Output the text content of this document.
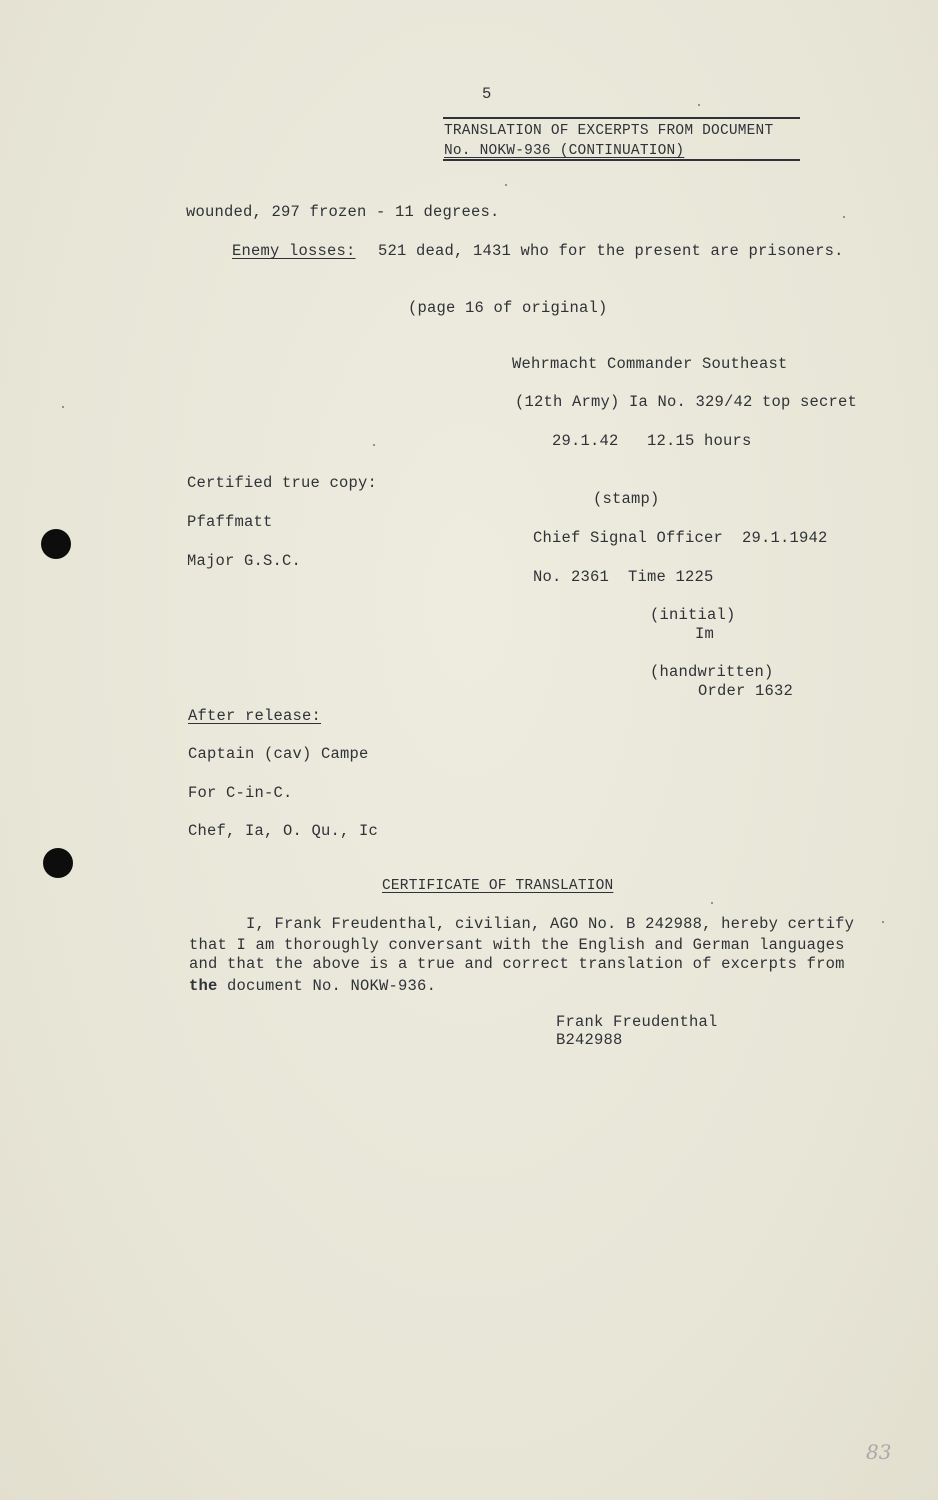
5
TRANSLATION OF EXCERPTS FROM DOCUMENT
No. NOKW-936 (CONTINUATION)
wounded, 297 frozen - 11 degrees.
Enemy losses: 521 dead, 1431 who for the present are prisoners.
(page 16 of original)
Wehrmacht Commander Southeast
(12th Army) Ia No. 329/42 top secret
29.1.42   12.15 hours
Certified true copy:
Pfaffmatt
Major G.S.C.
(stamp)
Chief Signal Officer  29.1.1942
No. 2361  Time 1225
(initial)
Im
(handwritten)
Order 1632
After release:
Captain (cav) Campe
For C-in-C.
Chef, Ia, O. Qu., Ic
CERTIFICATE OF TRANSLATION
I, Frank Freudenthal, civilian, AGO No. B 242988, hereby certify
that I am thoroughly conversant with the English and German languages
and that the above is a true and correct translation of excerpts from
the document No. NOKW-936.
Frank Freudenthal
B242988
83
